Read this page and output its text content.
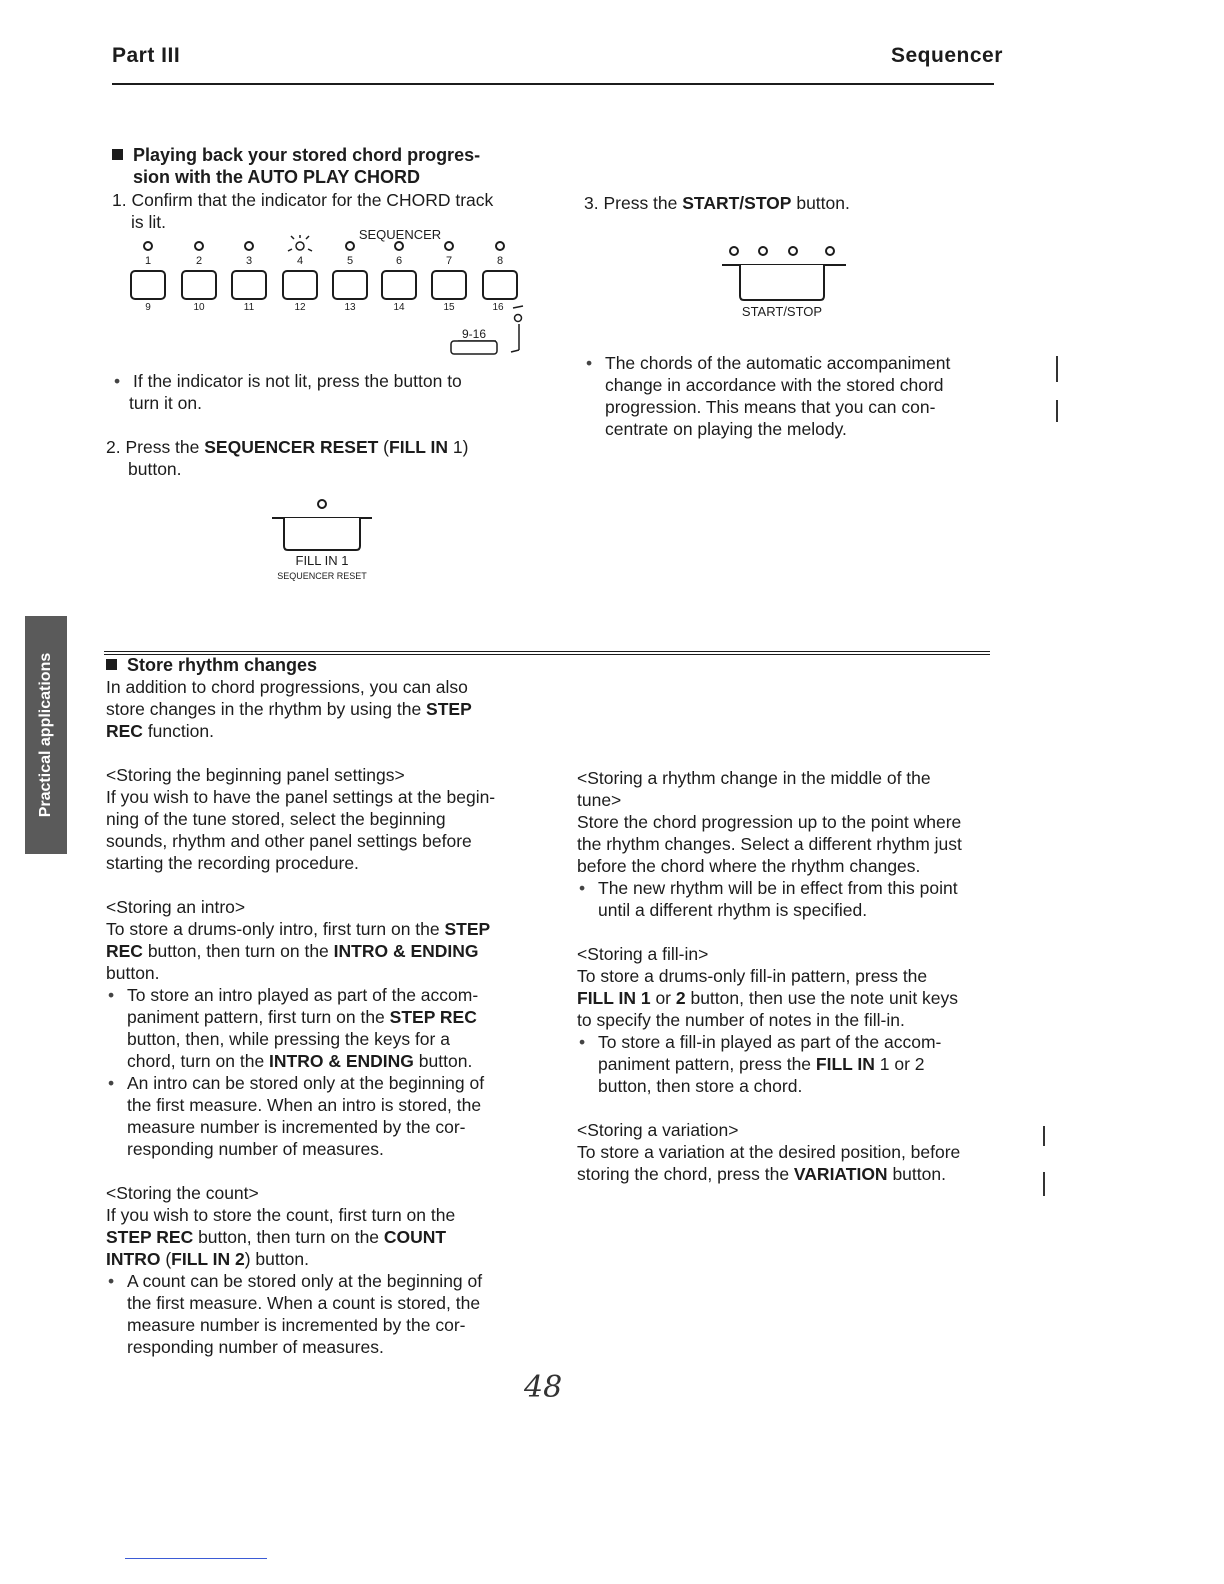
Part III	Sequencer
Practical applications
Playing back your stored chord progres-
sion with the AUTO PLAY CHORD

1. Confirm that the indicator for the CHORD track

is lit.

SEQUENCER
1	2	3	4	5	6	7	8
9	10	11	12	13	14	15	16
9-16

• If the indicator is not lit, press the button to

turn it on.

2. Press the SEQUENCER RESET (FILL IN 1)

button.

FILL IN 1
SEQUENCER RESET

3. Press the START/STOP button.

START/STOP

• The chords of the automatic accompaniment

change in accordance with the stored chord

progression. This means that you can con-

centrate on playing the melody.

Store rhythm changes

In addition to chord progressions, you can also

store changes in the rhythm by using the STEP

REC function.

<Storing the beginning panel settings>

If you wish to have the panel settings at the begin-

ning of the tune stored, select the beginning

sounds, rhythm and other panel settings before

starting the recording procedure.

<Storing an intro>

To store a drums-only intro, first turn on the STEP

REC button, then turn on the INTRO & ENDING

button.

• To store an intro played as part of the accom-

paniment pattern, first turn on the STEP REC

button, then, while pressing the keys for a

chord, turn on the INTRO & ENDING button.

• An intro can be stored only at the beginning of

the first measure. When an intro is stored, the

measure number is incremented by the cor-

responding number of measures.

<Storing the count>

If you wish to store the count, first turn on the

STEP REC button, then turn on the COUNT

INTRO (FILL IN 2) button.

• A count can be stored only at the beginning of

the first measure. When a count is stored, the

measure number is incremented by the cor-

responding number of measures.

<Storing a rhythm change in the middle of the

tune>

Store the chord progression up to the point where

the rhythm changes. Select a different rhythm just

before the chord where the rhythm changes.

• The new rhythm will be in effect from this point

until a different rhythm is specified.

<Storing a fill-in>

To store a drums-only fill-in pattern, press the

FILL IN 1 or 2 button, then use the note unit keys

to specify the number of notes in the fill-in.

• To store a fill-in played as part of the accom-

paniment pattern, press the FILL IN 1 or 2

button, then store a chord.

<Storing a variation>

To store a variation at the desired position, before

storing the chord, press the VARIATION button.

48
